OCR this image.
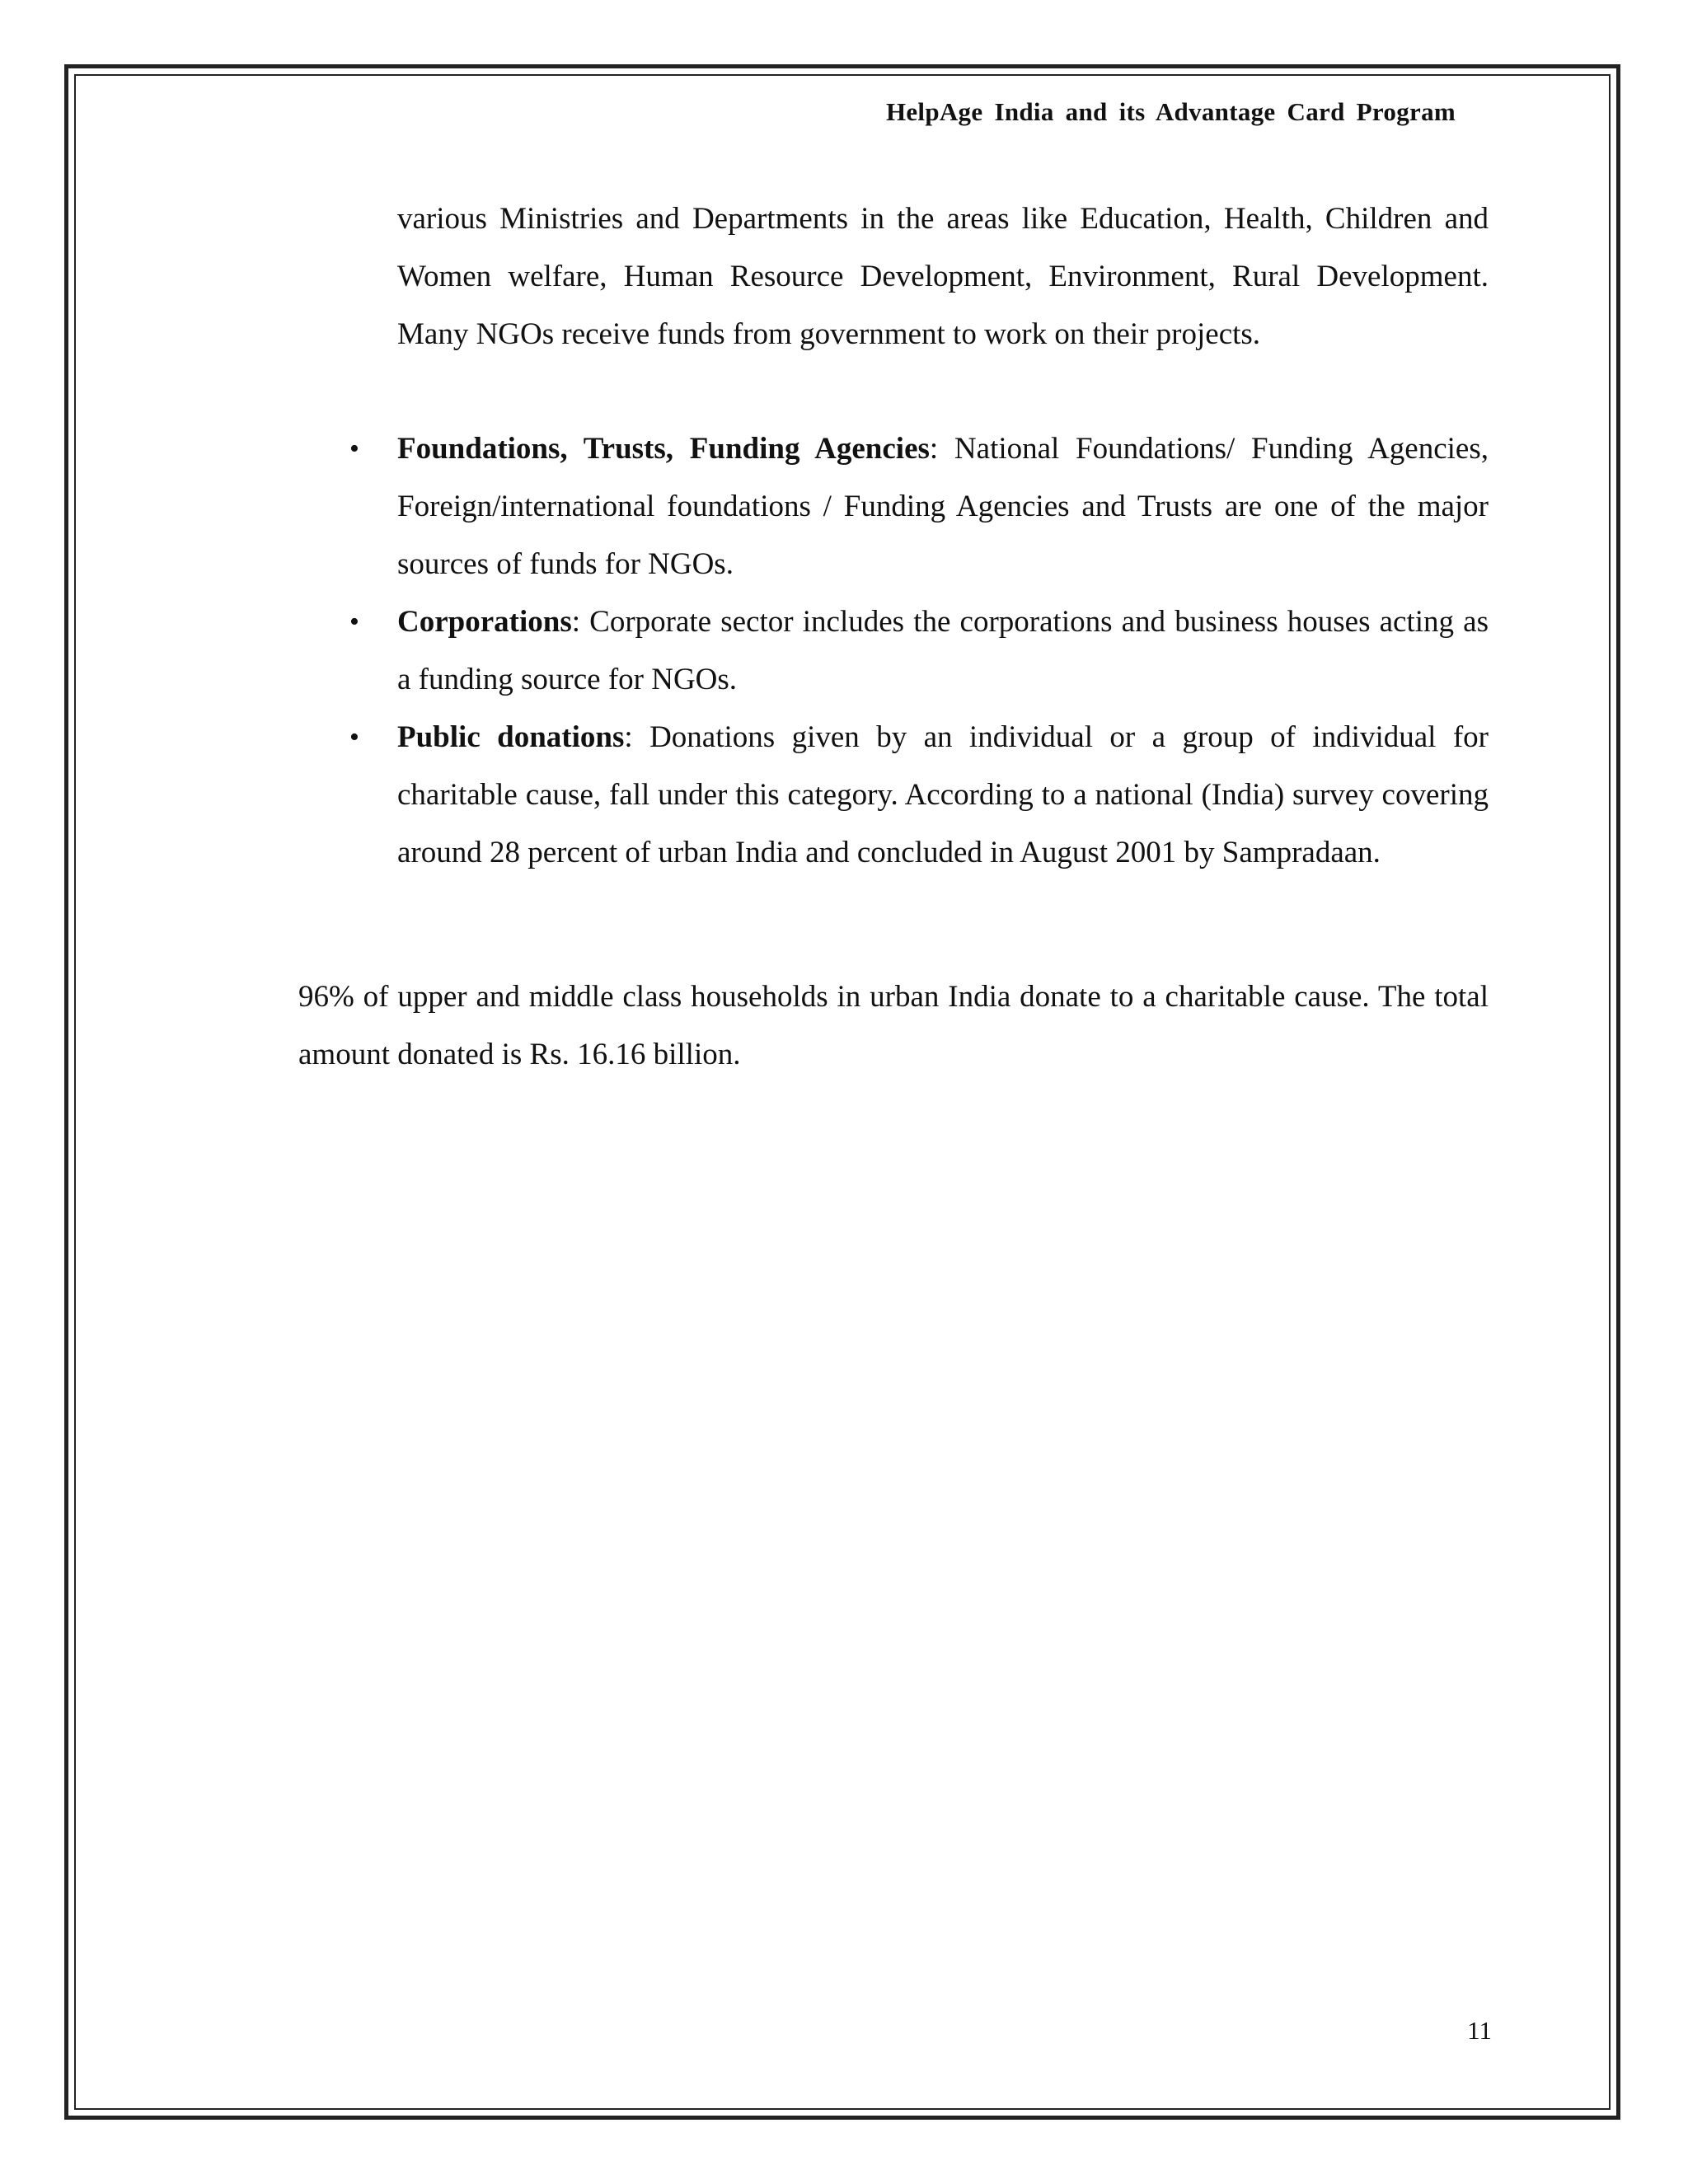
HelpAge India and its Advantage Card Program

various Ministries and Departments in the areas like Education, Health, Children and Women welfare, Human Resource Development, Environment, Rural Development. Many NGOs receive funds from government to work on their projects.

• Foundations, Trusts, Funding Agencies: National Foundations/ Funding Agencies, Foreign/international foundations / Funding Agencies and Trusts are one of the major sources of funds for NGOs.
• Corporations: Corporate sector includes the corporations and business houses acting as a funding source for NGOs.
• Public donations: Donations given by an individual or a group of individual for charitable cause, fall under this category. According to a national (India) survey covering around 28 percent of urban India and concluded in August 2001 by Sampradaan.

96% of upper and middle class households in urban India donate to a charitable cause. The total amount donated is Rs. 16.16 billion.

11
